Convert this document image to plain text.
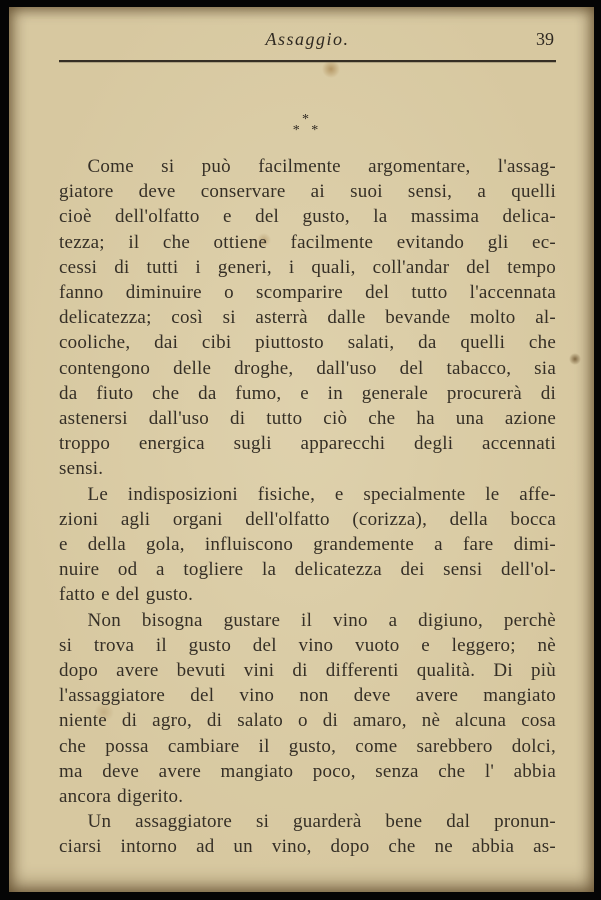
Assaggio.	39
*
* *
Come si può facilmente argomentare, l'assag-
giatore deve conservare ai suoi sensi, a quelli
cioè dell'olfatto e del gusto, la massima delica-
tezza; il che ottiene facilmente evitando gli ec-
cessi di tutti i generi, i quali, coll'andar del tempo
fanno diminuire o scomparire del tutto l'accennata
delicatezza; così si asterrà dalle bevande molto al-
cooliche, dai cibi piuttosto salati, da quelli che
contengono delle droghe, dall'uso del tabacco, sia
da fiuto che da fumo, e in generale procurerà di
astenersi dall'uso di tutto ciò che ha una azione
troppo energica sugli apparecchi degli accennati
sensi.
Le indisposizioni fisiche, e specialmente le affe-
zioni agli organi dell'olfatto (corizza), della bocca
e della gola, influiscono grandemente a fare dimi-
nuire od a togliere la delicatezza dei sensi dell'ol-
fatto e del gusto.
Non bisogna gustare il vino a digiuno, perchè
si trova il gusto del vino vuoto e leggero; nè
dopo avere bevuti vini di differenti qualità. Di più
l'assaggiatore del vino non deve avere mangiato
niente di agro, di salato o di amaro, nè alcuna cosa
che possa cambiare il gusto, come sarebbero dolci,
ma deve avere mangiato poco, senza che l' abbia
ancora digerito.
Un assaggiatore si guarderà bene dal pronun-
ciarsi intorno ad un vino, dopo che ne abbia as-
